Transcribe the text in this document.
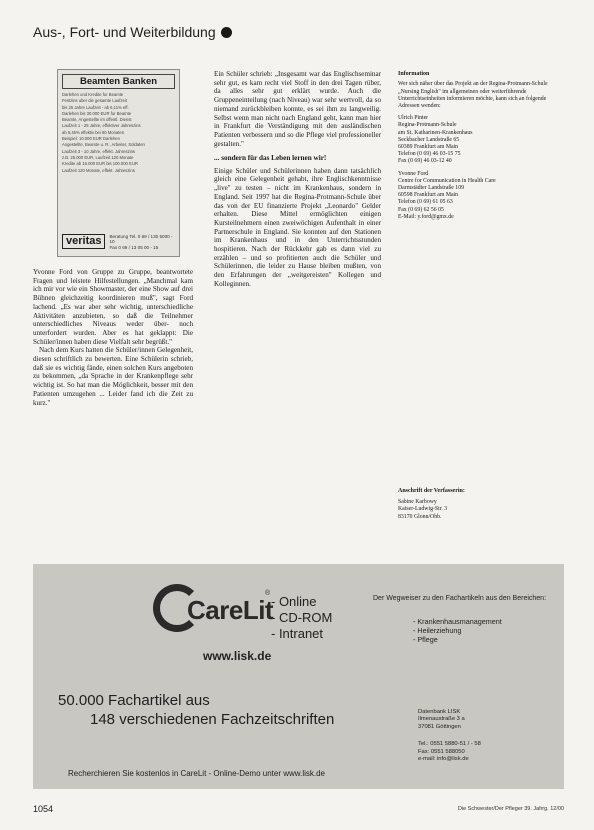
Aus-, Fort- und Weiterbildung
Beamten Banken
Darlehen und Kredite fur Beamte
Festzins uber die gesamte Laufzeit
bis 25 Jahre Laufzeit - ab 6,11% eff.
Darlehen bis 30.000 EUR fur Beamte
Beamte, Angestellte im offentl. Dienst
Laufzeit 1 - 25 Jahre, effektiver Jahreszins
ab 6,45% effektiv bei 60 Monaten
Beispiel: 10.000 EUR Darlehen
Angestellte, Beamte u. R., Arbeiter, Soldaten
Laufzeit 3 - 10 Jahre, effekt. Jahreszins
z.B. 25.000 EUR, Laufzeit 120 Monate
Kredite ab 15.000 EUR bis 100.000 EUR
Laufzeit 120 Monate, effekt. Jahreszins
veritas	Beratung Tel. 0 69 / 130 5000 - 10
Fax 0 69 / 13 05 00 - 15

Yvonne Ford von Gruppe zu Gruppe, beantwortete Fragen und leistete Hilfestellungen. „Manchmal kam ich mir vor wie ein Showmaster, der eine Show auf drei Bühnen gleichzeitig koordinieren muß", sagt Ford lachend. „Es war aber sehr wichtig, unterschiedliche Aktivitäten anzubieten, so daß die Teilnehmer unterschiedliches Niveaus weder über- noch unterfordert wurden. Aber es hat geklappt: Die Schüler/innen haben diese Vielfalt sehr begrüßt."

Nach dem Kurs hatten die Schüler/innen Gelegenheit, diesen schriftlich zu bewerten. Eine Schülerin schrieb, daß sie es wichtig fände, einen solchen Kurs angeboten zu bekommen, „da Sprache in der Krankenpflege sehr wichtig ist. So hat man die Möglichkeit, besser mit den Patienten umzugehen ... Leider fand ich die Zeit zu kurz."

Ein Schüler schrieb: „Insgesamt war das Englischseminar sehr gut, es kam recht viel Stoff in den drei Tagen rüber, da alles sehr gut erklärt wurde. Auch die Gruppeneinteilung (nach Niveau) war sehr wertvoll, da so niemand zurückbleiben konnte, es sei ihm zu langweilig. Selbst wenn man nicht nach England geht, kann man hier in Frankfurt die Verständigung mit den ausländischen Patienten verbessern und so die Pflege viel professioneller gestalten."

... sondern für das Leben lernen wir!

Einige Schüler und Schülerinnen haben dann tatsächlich gleich eine Gelegenheit gehabt, ihre Englischkenntnisse „live" zu testen – nicht im Krankenhaus, sondern in England. Seit 1997 hat die Regina-Protmann-Schule über das von der EU finanzierte Projekt „Leonardo" Gelder erhalten. Diese Mittel ermöglichten einigen Kursteilnehmern einen zweiwöchigen Aufenthalt in einer Partnerschule in England. Sie konnten auf den Stationen im Krankenhaus und in den Unterrichtsstunden hospitieren. Nach der Rückkehr gab es dann viel zu erzählen – und so profitierten auch die Schüler und Schülerinnen, die leider zu Hause bleiben mußten, von den Erfahrungen der „weitgereisten" Kollegen und Kolleginnen.

Information

Wer sich näher über das Projekt an der Regina-Protmann-Schule „Nursing English" im allgemeinen oder weiterführende Unterrichtseinheiten informieren möchte, kann sich an folgende Adressen wenden:

Ulrich Pinter
Regina-Protmann-Schule
am St. Katharinen-Krankenhaus
Seckbacher Landstraße 65
60389 Frankfurt am Main
Telefon (0 69) 46 03-15 75
Fax (0 69) 46 03-12 40

Yvonne Ford
Centre for Communication in Health Care
Darmstädter Landstraße 109
60598 Frankfurt am Main
Telefon (0 69) 61 05 63
Fax (0 69) 62 56 05
E-Mail: y.ford@gmx.de

Anschrift der Verfasserin:

Sabine Karbowy

Kaiser-Ludwig-Str. 3

83170 Glonn/Obb.

CareLit
®
www.lisk.de
- Online
- CD-ROM
- Intranet
Der Wegweiser zu den Fachartikeln aus den Bereichen:
- Krankenhausmanagement
- Heilerziehung
- Pflege
50.000 Fachartikel aus
148 verschiedenen Fachzeitschriften	Datenbank LISK
Ilmenaustraße 3 a
37081 Göttingen
Tel.: 0551 5880-51 / - 58
Fax: 0551 588050
e-mail: info@lisk.de
Recherchieren Sie kostenlos in CareLit - Online-Demo unter www.lisk.de
1054	Die Schwester/Der Pfleger 39. Jahrg. 12/00
